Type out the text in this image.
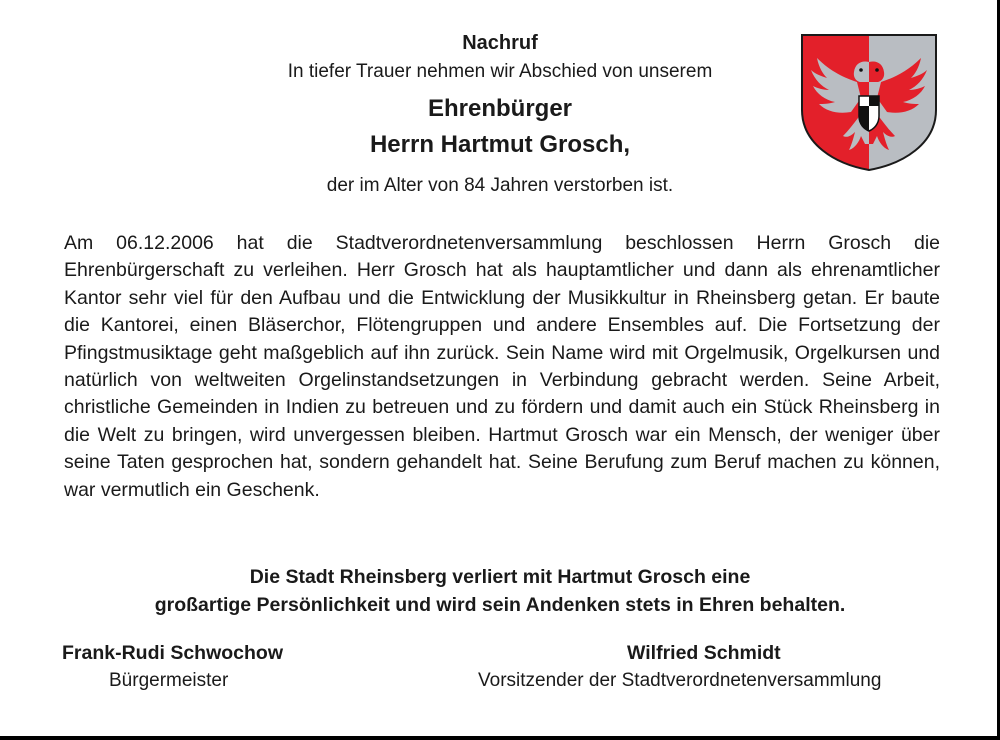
Nachruf
In tiefer Trauer nehmen wir Abschied von unserem
Ehrenbürger
Herrn Hartmut Grosch,
der im Alter von 84 Jahren verstorben ist.
Am 06.12.2006 hat die Stadtverordnetenversammlung beschlossen Herrn Grosch die Ehrenbürgerschaft zu verleihen. Herr Grosch hat als hauptamtlicher und dann als ehrenamtlicher Kantor sehr viel für den Aufbau und die Entwicklung der Musikkultur in Rheinsberg getan. Er baute die Kantorei, einen Bläserchor, Flötengruppen und andere Ensembles auf. Die Fortsetzung der Pfingstmusiktage geht maßgeblich auf ihn zurück. Sein Name wird mit Orgelmusik, Orgelkursen und natürlich von weltweiten Orgelinstandsetzungen in Verbindung gebracht werden. Seine Arbeit, christliche Gemeinden in Indien zu betreuen und zu fördern und damit auch ein Stück Rheinsberg in die Welt zu bringen, wird unvergessen bleiben. Hartmut Grosch war ein Mensch, der weniger über seine Taten gesprochen hat, sondern gehandelt hat. Seine Berufung zum Beruf machen zu können, war vermutlich ein Geschenk.
Die Stadt Rheinsberg verliert mit Hartmut Grosch eine
großartige Persönlichkeit und wird sein Andenken stets in Ehren behalten.
Frank-Rudi Schwochow
Bürgermeister
Wilfried Schmidt
Vorsitzender der Stadtverordnetenversammlung
